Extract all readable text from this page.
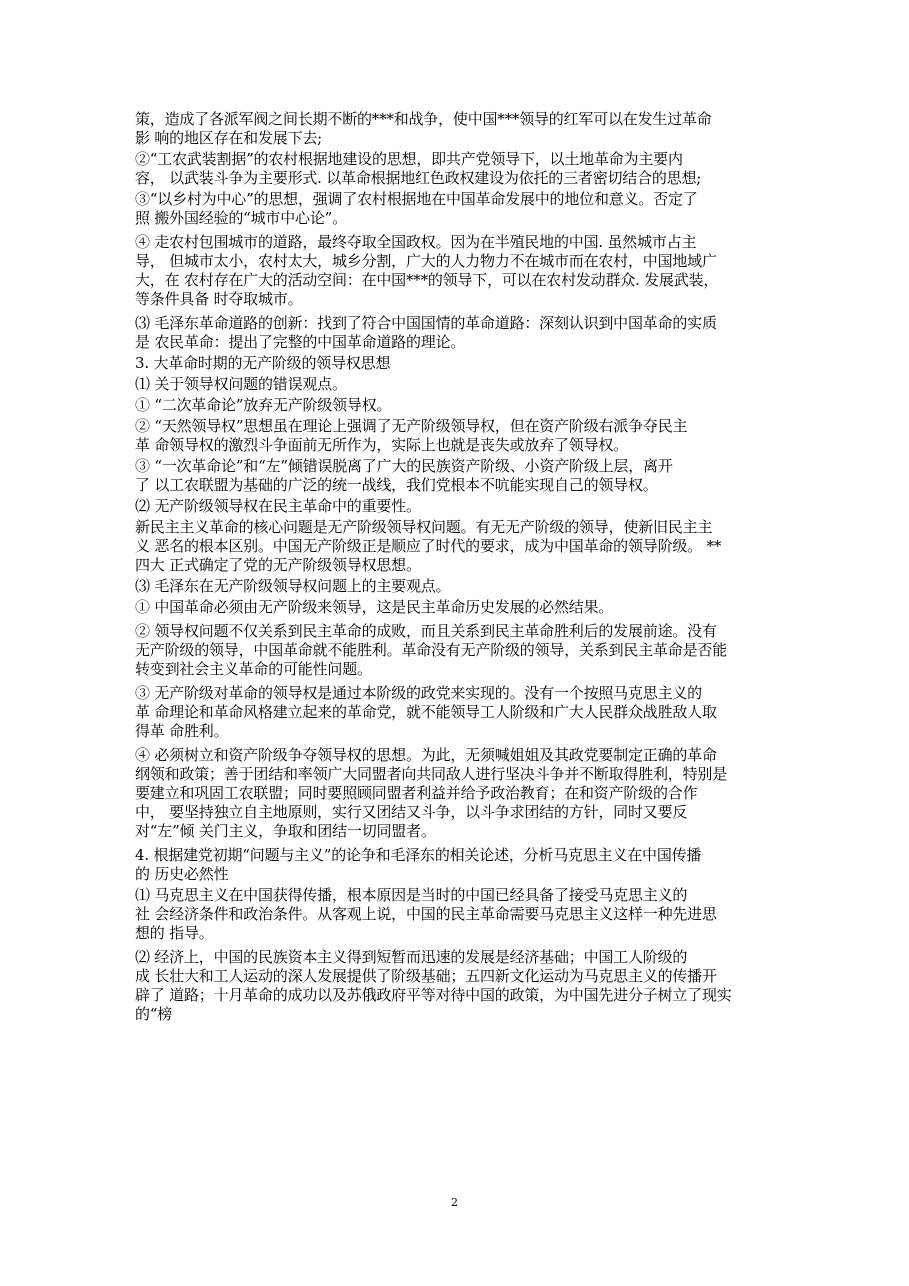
策，造成了各派军阀之间长期不断的***和战争，使中国***领导的红军可以在发生过革命
影 响的地区存在和发展下去;
②“工农武装割据”的农村根据地建设的思想，即共产党领导下，以土地革命为主要内
容， 以武装斗争为主要形式. 以革命根据地红色政权建设为依托的三者密切结合的思想;
③“以乡村为中心”的思想，强调了农村根据地在中国革命发展中的地位和意义。否定了
照 搬外国经验的“城市中心论”。
④ 走农村包围城市的道路，最终夺取全国政权。因为在半殖民地的中国. 虽然城市占主
导， 但城市太小，农村太大，城乡分割，广大的人力物力不在城市而在农村，中国地域广
大，在 农村存在广大的活动空间：在中国***的领导下，可以在农村发动群众. 发展武装，
等条件具备 时夺取城市。
⑶ 毛泽东革命道路的创新：找到了符合中国国情的革命道路：深刻认识到中国革命的实质
是 农民革命：提出了完整的中国革命道路的理论。
3. 大革命时期的无产阶级的领导权思想
⑴ 关于领导权问题的错误观点。
① “二次革命论”放弃无产阶级领导权。
② “天然领导权”思想虽在理论上强调了无产阶级领导权，但在资产阶级右派争夺民主
革 命领导权的激烈斗争面前无所作为，实际上也就是丧失或放弃了领导权。
③ “一次革命论”和“左”倾错误脱离了广大的民族资产阶级、小资产阶级上层，离开
了 以工农联盟为基础的广泛的统一战线，我们党根本不吭能实现自己的领导权。
⑵ 无产阶级领导权在民主革命中的重要性。
新民主主义革命的核心问题是无产阶级领导权问题。有无无产阶级的领导，使新旧民主主
义 恶名的根本区别。中国无产阶级正是顺应了时代的要求，成为中国革命的领导阶级。 **
四大 正式确定了党的无产阶级领导权思想。
⑶ 毛泽东在无产阶级领导权问题上的主要观点。
① 中国革命必须由无产阶级来领导，这是民主革命历史发展的必然结果。
② 领导权问题不仅关系到民主革命的成败，而且关系到民主革命胜利后的发展前途。没有
无产阶级的领导，中国革命就不能胜利。革命没有无产阶级的领导，关系到民主革命是否能
转变到社会主义革命的可能性问题。
③ 无产阶级对革命的领导权是通过本阶级的政党来实现的。没有一个按照马克思主义的
革 命理论和革命风格建立起来的革命党，就不能领导工人阶级和广大人民群众战胜敌人取
得革 命胜利。
④ 必须树立和资产阶级争夺领导权的思想。为此，无须喊姐姐及其政党要制定正确的革命
纲领和政策；善于团结和率领广大同盟者向共同敌人进行坚决斗争并不断取得胜利，特别是
要建立和巩固工农联盟；同时要照顾同盟者利益并给予政治教育；在和资产阶级的合作
中， 要坚持独立自主地原则，实行又团结又斗争，以斗争求团结的方针，同时又要反
对“左”倾 关门主义，争取和团结一切同盟者。
4. 根据建党初期“问题与主义”的论争和毛泽东的相关论述，分析马克思主义在中国传播
的 历史必然性
⑴ 马克思主义在中国获得传播，根本原因是当时的中国已经具备了接受马克思主义的
社 会经济条件和政治条件。从客观上说，中国的民主革命需要马克思主义这样一种先进思
想的 指导。
⑵ 经济上，中国的民族资本主义得到短暂而迅速的发展是经济基础；中国工人阶级的
成 长壮大和工人运动的深人发展提供了阶级基础；五四新文化运动为马克思主义的传播开
辟了 道路；十月革命的成功以及苏俄政府平等对待中国的政策，为中国先进分子树立了现实
的“榜
2
